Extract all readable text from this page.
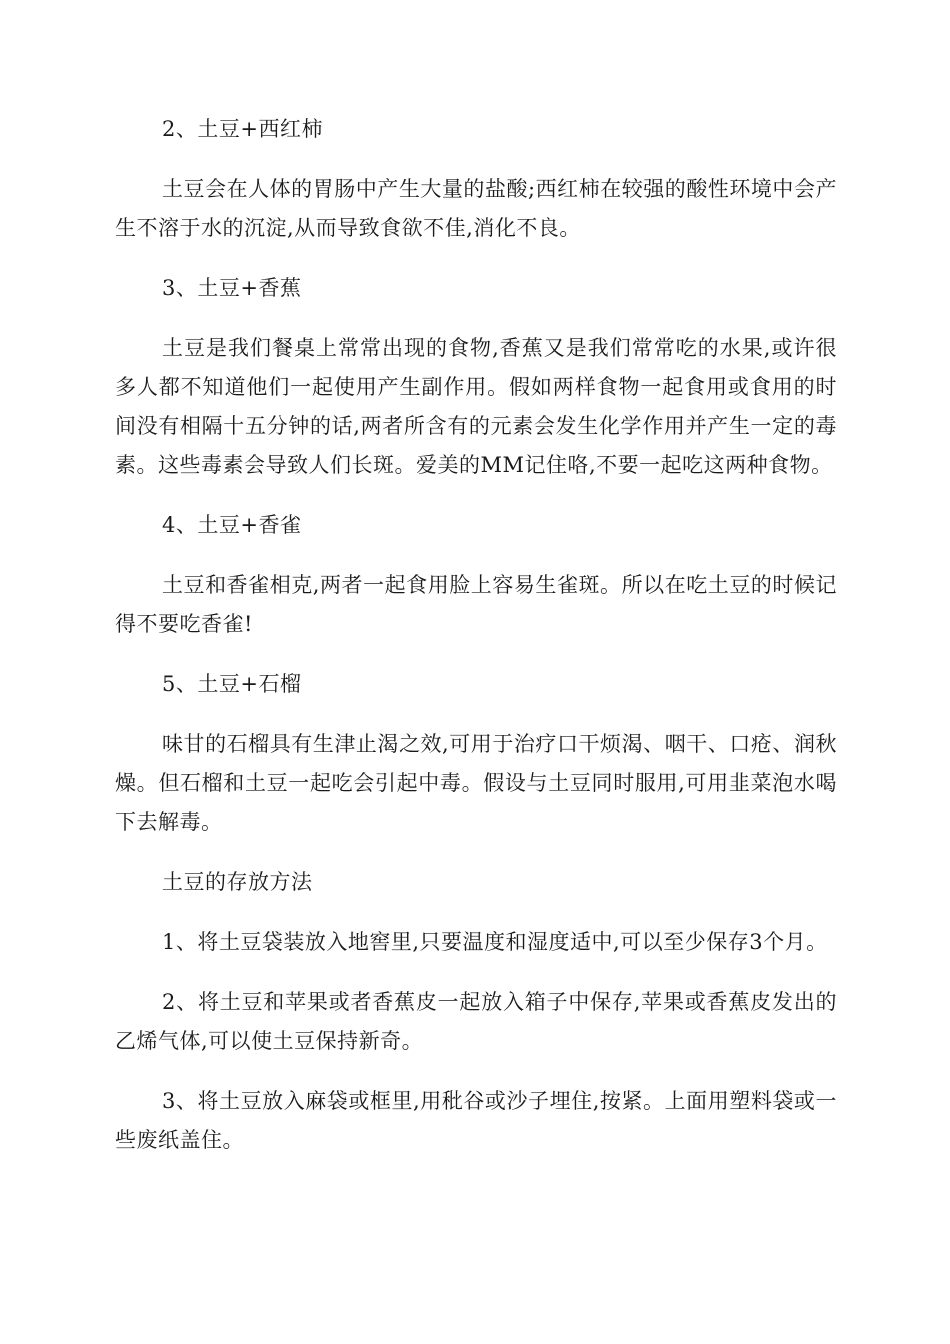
2、土豆+西红柿

土豆会在人体的胃肠中产生大量的盐酸;西红柿在较强的酸性环境中会产生不溶于水的沉淀,从而导致食欲不佳,消化不良。

3、土豆+香蕉

土豆是我们餐桌上常常出现的食物,香蕉又是我们常常吃的水果,或许很多人都不知道他们一起使用产生副作用。假如两样食物一起食用或食用的时间没有相隔十五分钟的话,两者所含有的元素会发生化学作用并产生一定的毒素。这些毒素会导致人们长斑。爱美的MM记住咯,不要一起吃这两种食物。

4、土豆+香雀

土豆和香雀相克,两者一起食用脸上容易生雀斑。所以在吃土豆的时候记得不要吃香雀!

5、土豆+石榴

味甘的石榴具有生津止渴之效,可用于治疗口干烦渴、咽干、口疮、润秋燥。但石榴和土豆一起吃会引起中毒。假设与土豆同时服用,可用韭菜泡水喝下去解毒。

土豆的存放方法

1、将土豆袋装放入地窖里,只要温度和湿度适中,可以至少保存3个月。

2、将土豆和苹果或者香蕉皮一起放入箱子中保存,苹果或香蕉皮发出的乙烯气体,可以使土豆保持新奇。

3、将土豆放入麻袋或框里,用秕谷或沙子埋住,按紧。上面用塑料袋或一些废纸盖住。
